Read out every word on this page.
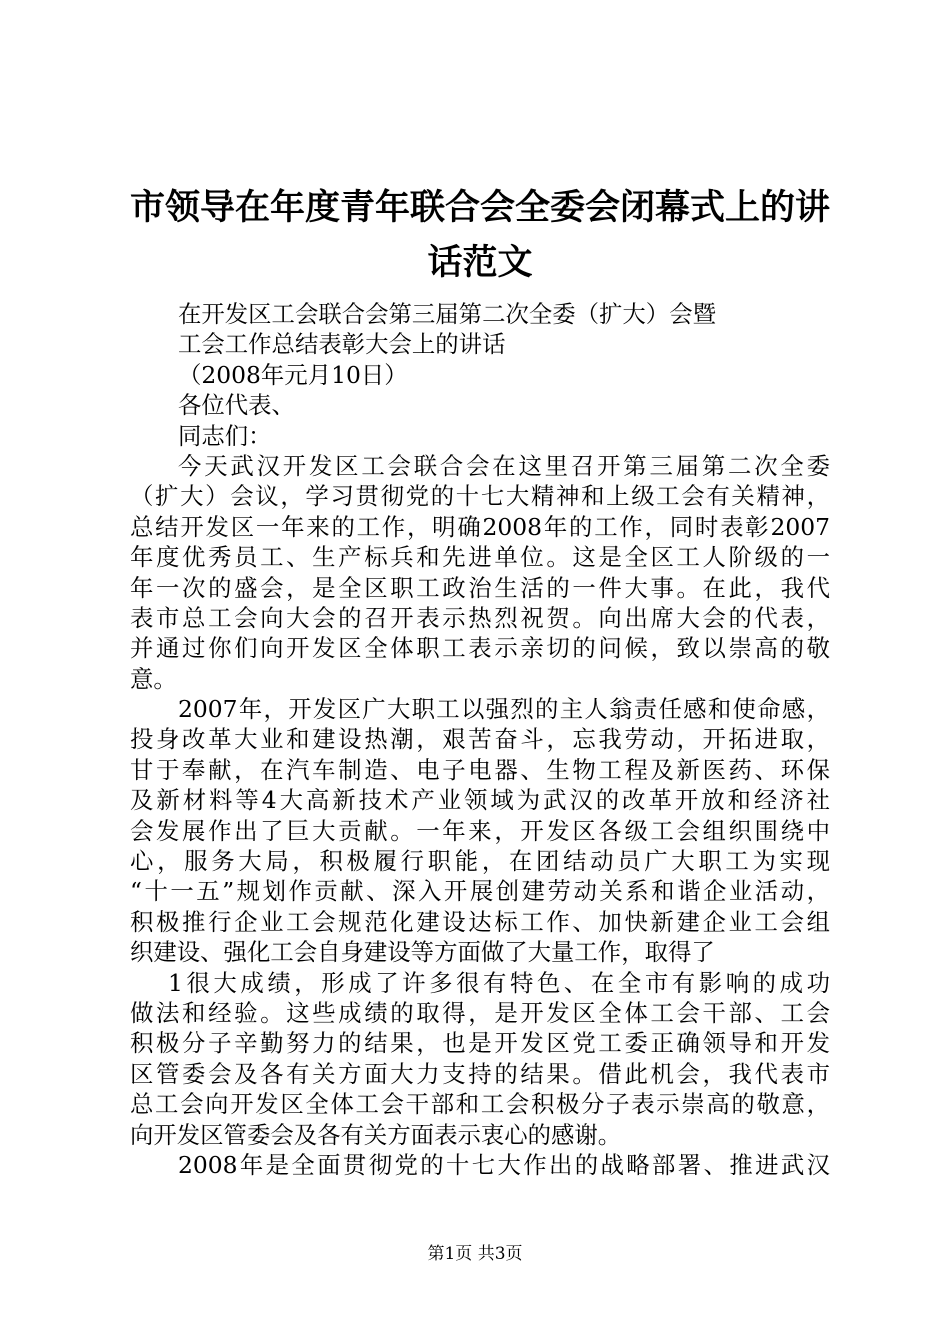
市领导在年度青年联合会全委会闭幕式上的讲
话范文
在开发区工会联合会第三届第二次全委（扩大）会暨
工会工作总结表彰大会上的讲话
（2008年元月10日）
各位代表、
同志们：
今天武汉开发区工会联合会在这里召开第三届第二次全委
（扩大）会议，学习贯彻党的十七大精神和上级工会有关精神，
总结开发区一年来的工作，明确2008年的工作，同时表彰2007
年度优秀员工、生产标兵和先进单位。这是全区工人阶级的一
年一次的盛会，是全区职工政治生活的一件大事。在此，我代
表市总工会向大会的召开表示热烈祝贺。向出席大会的代表，
并通过你们向开发区全体职工表示亲切的问候，致以崇高的敬
意。
2007年，开发区广大职工以强烈的主人翁责任感和使命感，
投身改革大业和建设热潮，艰苦奋斗，忘我劳动，开拓进取，
甘于奉献，在汽车制造、电子电器、生物工程及新医药、环保
及新材料等4大高新技术产业领域为武汉的改革开放和经济社
会发展作出了巨大贡献。一年来，开发区各级工会组织围绕中
心，服务大局，积极履行职能，在团结动员广大职工为实现
“十一五”规划作贡献、深入开展创建劳动关系和谐企业活动，
积极推行企业工会规范化建设达标工作、加快新建企业工会组
织建设、强化工会自身建设等方面做了大量工作，取得了
1很大成绩，形成了许多很有特色、在全市有影响的成功
做法和经验。这些成绩的取得，是开发区全体工会干部、工会
积极分子辛勤努力的结果，也是开发区党工委正确领导和开发
区管委会及各有关方面大力支持的结果。借此机会，我代表市
总工会向开发区全体工会干部和工会积极分子表示崇高的敬意，
向开发区管委会及各有关方面表示衷心的感谢。
2008年是全面贯彻党的十七大作出的战略部署、推进武汉
第1页 共3页
